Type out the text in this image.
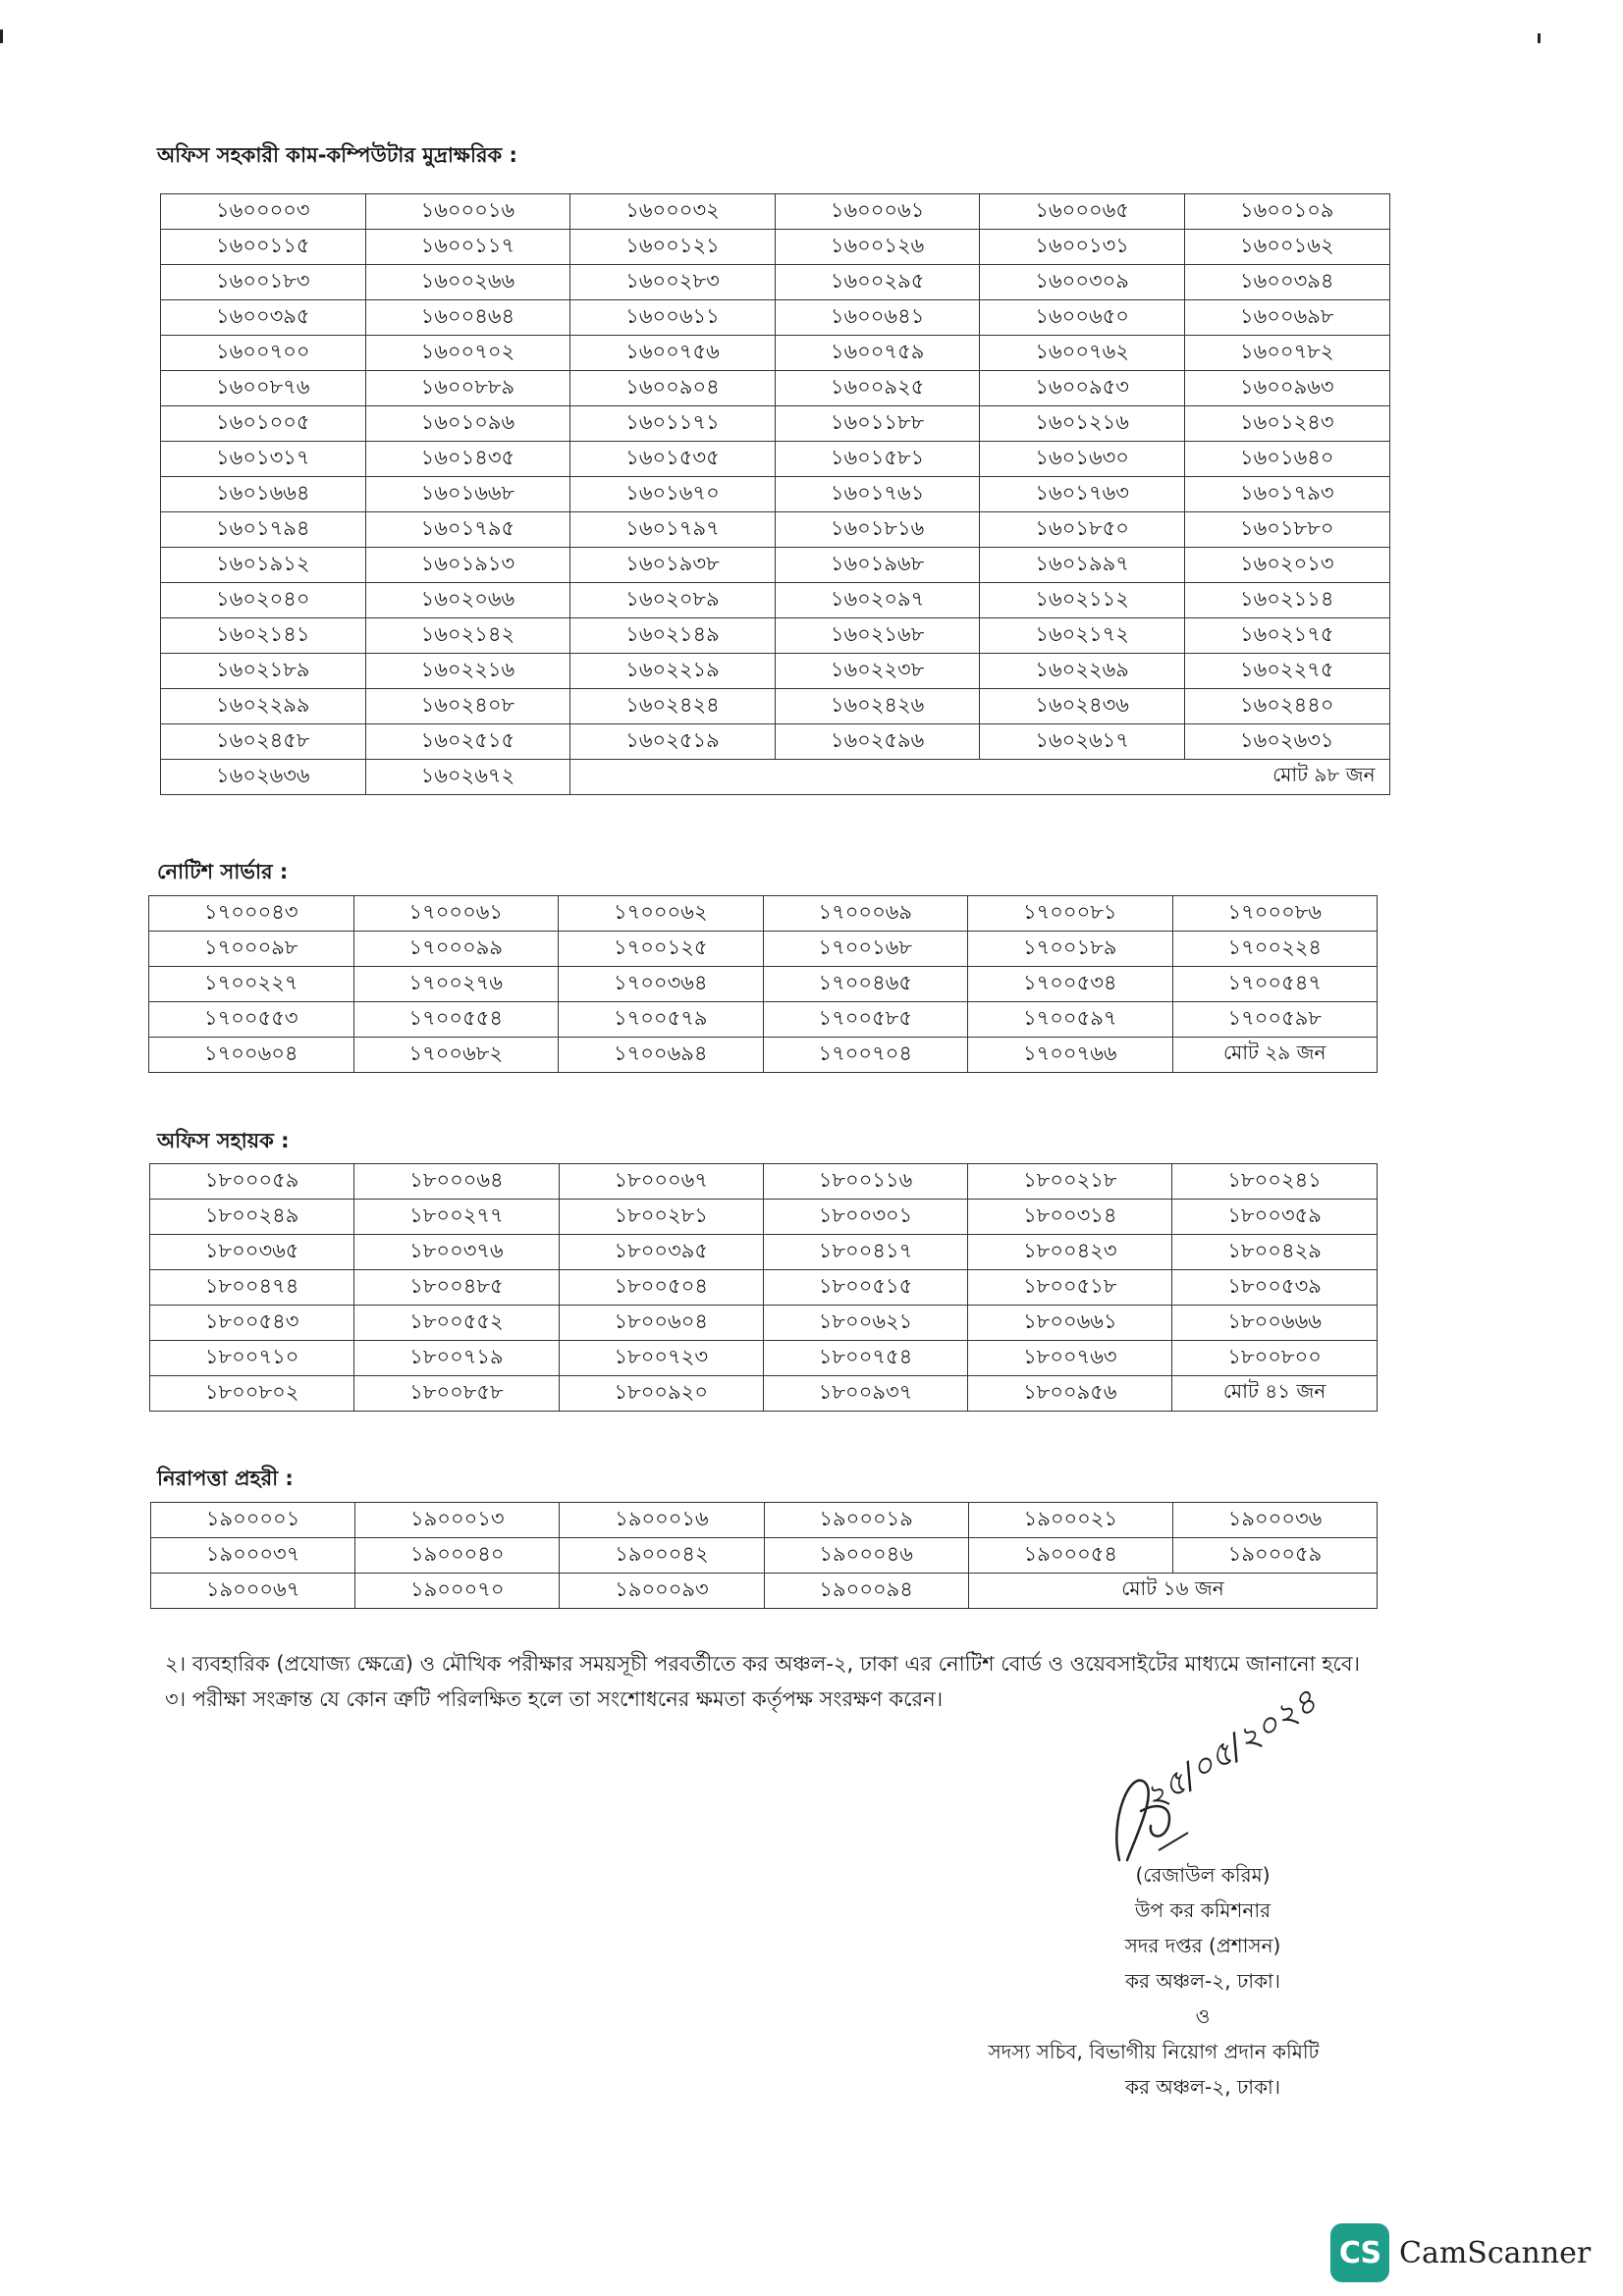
অফিস সহকারী কাম-কম্পিউটার মুদ্রাক্ষরিক :
১৬০০০০৩	১৬০০০১৬	১৬০০০৩২	১৬০০০৬১	১৬০০০৬৫	১৬০০১০৯
১৬০০১১৫	১৬০০১১৭	১৬০০১২১	১৬০০১২৬	১৬০০১৩১	১৬০০১৬২
১৬০০১৮৩	১৬০০২৬৬	১৬০০২৮৩	১৬০০২৯৫	১৬০০৩০৯	১৬০০৩৯৪
১৬০০৩৯৫	১৬০০৪৬৪	১৬০০৬১১	১৬০০৬৪১	১৬০০৬৫০	১৬০০৬৯৮
১৬০০৭০০	১৬০০৭০২	১৬০০৭৫৬	১৬০০৭৫৯	১৬০০৭৬২	১৬০০৭৮২
১৬০০৮৭৬	১৬০০৮৮৯	১৬০০৯০৪	১৬০০৯২৫	১৬০০৯৫৩	১৬০০৯৬৩
১৬০১০০৫	১৬০১০৯৬	১৬০১১৭১	১৬০১১৮৮	১৬০১২১৬	১৬০১২৪৩
১৬০১৩১৭	১৬০১৪৩৫	১৬০১৫৩৫	১৬০১৫৮১	১৬০১৬৩০	১৬০১৬৪০
১৬০১৬৬৪	১৬০১৬৬৮	১৬০১৬৭০	১৬০১৭৬১	১৬০১৭৬৩	১৬০১৭৯৩
১৬০১৭৯৪	১৬০১৭৯৫	১৬০১৭৯৭	১৬০১৮১৬	১৬০১৮৫০	১৬০১৮৮০
১৬০১৯১২	১৬০১৯১৩	১৬০১৯৩৮	১৬০১৯৬৮	১৬০১৯৯৭	১৬০২০১৩
১৬০২০৪০	১৬০২০৬৬	১৬০২০৮৯	১৬০২০৯৭	১৬০২১১২	১৬০২১১৪
১৬০২১৪১	১৬০২১৪২	১৬০২১৪৯	১৬০২১৬৮	১৬০২১৭২	১৬০২১৭৫
১৬০২১৮৯	১৬০২২১৬	১৬০২২১৯	১৬০২২৩৮	১৬০২২৬৯	১৬০২২৭৫
১৬০২২৯৯	১৬০২৪০৮	১৬০২৪২৪	১৬০২৪২৬	১৬০২৪৩৬	১৬০২৪৪০
১৬০২৪৫৮	১৬০২৫১৫	১৬০২৫১৯	১৬০২৫৯৬	১৬০২৬১৭	১৬০২৬৩১
১৬০২৬৩৬	১৬০২৬৭২	মোট ৯৮ জন			
নোটিশ সার্ভার :
১৭০০০৪৩	১৭০০০৬১	১৭০০০৬২	১৭০০০৬৯	১৭০০০৮১	১৭০০০৮৬
১৭০০০৯৮	১৭০০০৯৯	১৭০০১২৫	১৭০০১৬৮	১৭০০১৮৯	১৭০০২২৪
১৭০০২২৭	১৭০০২৭৬	১৭০০৩৬৪	১৭০০৪৬৫	১৭০০৫৩৪	১৭০০৫৪৭
১৭০০৫৫৩	১৭০০৫৫৪	১৭০০৫৭৯	১৭০০৫৮৫	১৭০০৫৯৭	১৭০০৫৯৮
১৭০০৬০৪	১৭০০৬৮২	১৭০০৬৯৪	১৭০০৭০৪	১৭০০৭৬৬	মোট ২৯ জন
অফিস সহায়ক :
১৮০০০৫৯	১৮০০০৬৪	১৮০০০৬৭	১৮০০১১৬	১৮০০২১৮	১৮০০২৪১
১৮০০২৪৯	১৮০০২৭৭	১৮০০২৮১	১৮০০৩০১	১৮০০৩১৪	১৮০০৩৫৯
১৮০০৩৬৫	১৮০০৩৭৬	১৮০০৩৯৫	১৮০০৪১৭	১৮০০৪২৩	১৮০০৪২৯
১৮০০৪৭৪	১৮০০৪৮৫	১৮০০৫০৪	১৮০০৫১৫	১৮০০৫১৮	১৮০০৫৩৯
১৮০০৫৪৩	১৮০০৫৫২	১৮০০৬০৪	১৮০০৬২১	১৮০০৬৬১	১৮০০৬৬৬
১৮০০৭১০	১৮০০৭১৯	১৮০০৭২৩	১৮০০৭৫৪	১৮০০৭৬৩	১৮০০৮০০
১৮০০৮০২	১৮০০৮৫৮	১৮০০৯২০	১৮০০৯৩৭	১৮০০৯৫৬	মোট ৪১ জন
নিরাপত্তা প্রহরী :
১৯০০০০১	১৯০০০১৩	১৯০০০১৬	১৯০০০১৯	১৯০০০২১	১৯০০০৩৬
১৯০০০৩৭	১৯০০০৪০	১৯০০০৪২	১৯০০০৪৬	১৯০০০৫৪	১৯০০০৫৯
১৯০০০৬৭	১৯০০০৭০	১৯০০০৯৩	১৯০০০৯৪	মোট ১৬ জন	

২। ব্যবহারিক (প্রযোজ্য ক্ষেত্রে) ও মৌখিক পরীক্ষার সময়সূচী পরবর্তীতে কর অঞ্চল-২, ঢাকা এর নোটিশ বোর্ড ও ওয়েবসাইটের মাধ্যমে জানানো হবে।

৩। পরীক্ষা সংক্রান্ত যে কোন ত্রুটি পরিলক্ষিত হলে তা সংশোধনের ক্ষমতা কর্তৃপক্ষ সংরক্ষণ করেন।	২৫/০৫/২০২৪
(রেজাউল করিম)
উপ কর কমিশনার
সদর দপ্তর (প্রশাসন)
কর অঞ্চল-২, ঢাকা।
ও
সদস্য সচিব, বিভাগীয় নিয়োগ প্রদান কমিটি
কর অঞ্চল-২, ঢাকা।
CS CamScanner
